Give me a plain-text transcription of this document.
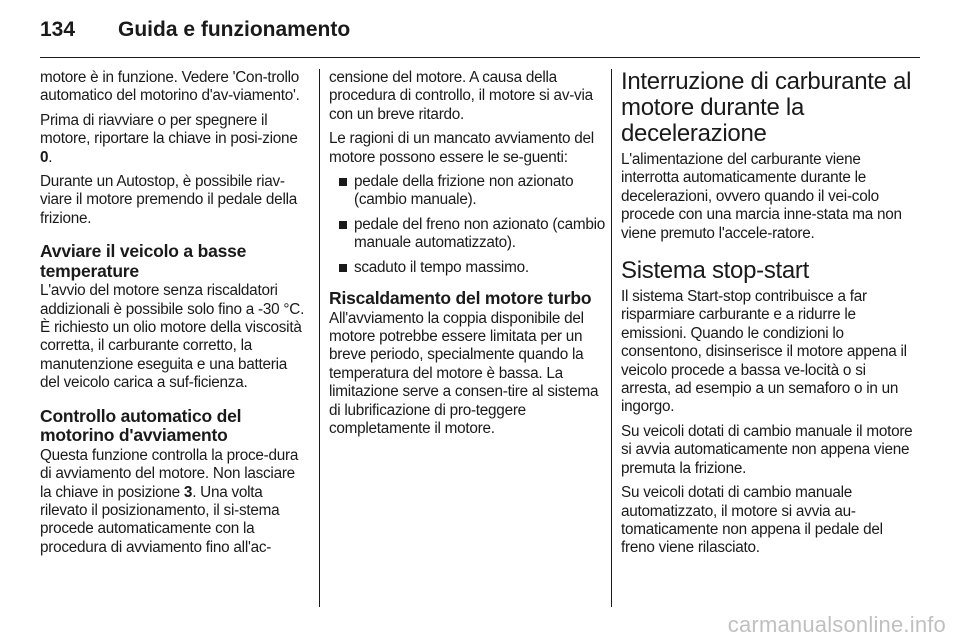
134	Guida e funzionamento

motore è in funzione. Vedere 'Con-trollo automatico del motorino d'av-viamento'.

Prima di riavviare o per spegnere il motore, riportare la chiave in posi-zione 0.

Durante un Autostop, è possibile riav-viare il motore premendo il pedale della frizione.

Avviare il veicolo a basse temperature

L'avvio del motore senza riscaldatori addizionali è possibile solo fino a -30 °C. È richiesto un olio motore della viscosità corretta, il carburante corretto, la manutenzione eseguita e una batteria del veicolo carica a suf-ficienza.

Controllo automatico del motorino d'avviamento

Questa funzione controlla la proce-dura di avviamento del motore. Non lasciare la chiave in posizione 3. Una volta rilevato il posizionamento, il si-stema procede automaticamente con la procedura di avviamento fino all'ac-

censione del motore. A causa della procedura di controllo, il motore si av-via con un breve ritardo.

Le ragioni di un mancato avviamento del motore possono essere le se-guenti:

pedale della frizione non azionato (cambio manuale).
pedale del freno non azionato (cambio manuale automatizzato).
scaduto il tempo massimo.
Riscaldamento del motore turbo

All'avviamento la coppia disponibile del motore potrebbe essere limitata per un breve periodo, specialmente quando la temperatura del motore è bassa. La limitazione serve a consen-tire al sistema di lubrificazione di pro-teggere completamente il motore.

Interruzione di carburante al motore durante la decelerazione

L'alimentazione del carburante viene interrotta automaticamente durante le decelerazioni, ovvero quando il vei-colo procede con una marcia inne-stata ma non viene premuto l'accele-ratore.

Sistema stop-start

Il sistema Start-stop contribuisce a far risparmiare carburante e a ridurre le emissioni. Quando le condizioni lo consentono, disinserisce il motore appena il veicolo procede a bassa ve-locità o si arresta, ad esempio a un semaforo o in un ingorgo.

Su veicoli dotati di cambio manuale il motore si avvia automaticamente non appena viene premuta la frizione.

Su veicoli dotati di cambio manuale automatizzato, il motore si avvia au-tomaticamente non appena il pedale del freno viene rilasciato.

carmanualsonline.info
